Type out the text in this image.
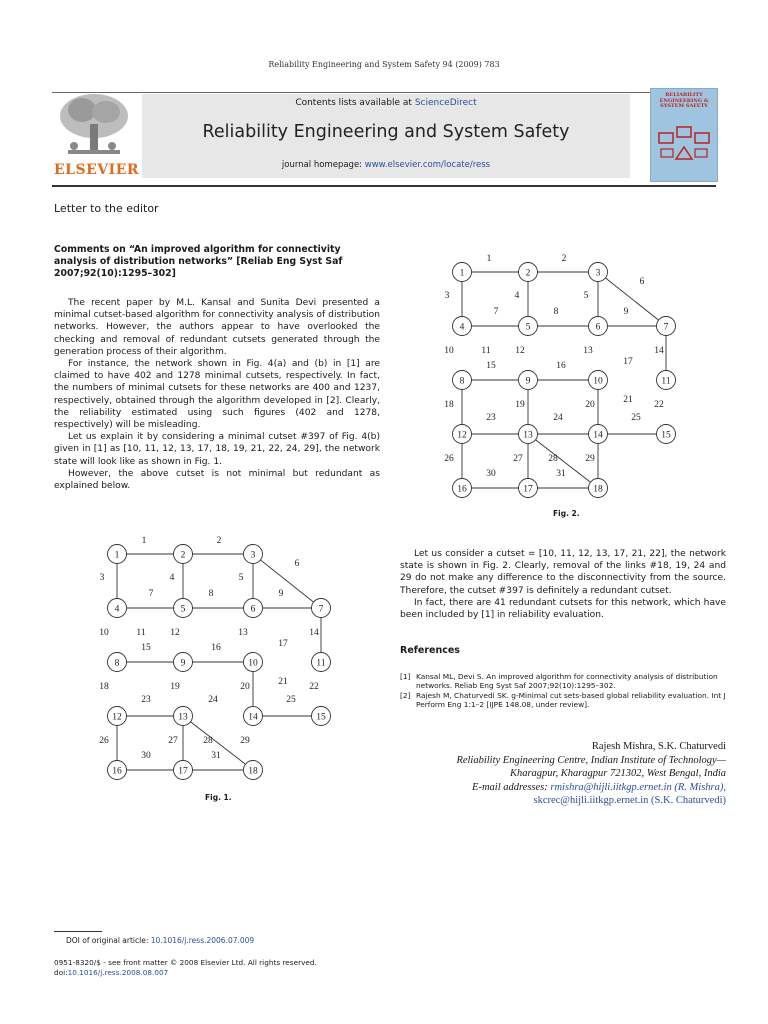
Reliability Engineering and System Safety 94 (2009) 783
ELSEVIER
Contents lists available at ScienceDirect
Reliability Engineering and System Safety
journal homepage: www.elsevier.com/locate/ress
RELIABILITY ENGINEERING & SYSTEM SAFETY
Letter to the editor
Comments on “An improved algorithm for connectivity analysis of distribution networks” [Reliab Eng Syst Saf 2007;92(10):1295–302]

The recent paper by M.L. Kansal and Sunita Devi presented a minimal cutset-based algorithm for connectivity analysis of distribution networks. However, the authors appear to have overlooked the checking and removal of redundant cutsets generated through the generation process of their algorithm.

For instance, the network shown in Fig. 4(a) and (b) in [1] are claimed to have 402 and 1278 minimal cutsets, respectively. In fact, the numbers of minimal cutsets for these networks are 400 and 1237, respectively, obtained through the algorithm developed in [2]. Clearly, the reliability estimated using such figures (402 and 1278, respectively) will be misleading.

Let us explain it by considering a minimal cutset #397 of Fig. 4(b) given in [1] as [10, 11, 12, 13, 17, 18, 19, 21, 22, 24, 29], the network state will look like as shown in Fig. 1.

However, the above cutset is not minimal but redundant as explained below.

1	2
3	4	5
6
7	8	9
10	11	12	13	14
15	16	17
18	19	20	21 22
23	24	25
26	27	28	29
30	31
1	2	3
4	5	6	7
8	9	10	11
12	13	14	15
16	17	18
Fig. 1.
1	2
3	4	5
6
7	8	9
10	11	12	13	14
15	16	17
18	19	20	21 22
23	24	25
26	27	28	29
30	31
1	2	3
4	5	6	7
8	9	10	11
12	13	14	15
16	17	18
Fig. 2.

Let us consider a cutset = [10, 11, 12, 13, 17, 21, 22], the network state is shown in Fig. 2. Clearly, removal of the links #18, 19, 24 and 29 do not make any difference to the disconnectivity from the source. Therefore, the cutset #397 is definitely a redundant cutset.

In fact, there are 41 redundant cutsets for this network, which have been included by [1] in reliability evaluation.

References
[1] Kansal ML, Devi S. An improved algorithm for connectivity analysis of distribution networks. Reliab Eng Syst Saf 2007;92(10):1295–302.
[2] Rajesh M, Chaturvedi SK. g-Minimal cut sets-based global reliability evaluation. Int J Perform Eng 1:1–2 [IJPE 148.08, under review].
Rajesh Mishra, S.K. Chaturvedi
Reliability Engineering Centre, Indian Institute of Technology—
Kharagpur, Kharagpur 721302, West Bengal, India
E-mail addresses: rmishra@hijli.iitkgp.ernet.in (R. Mishra),
skcrec@hijli.iitkgp.ernet.in (S.K. Chaturvedi)
DOI of original article: 10.1016/j.ress.2006.07.009
0951-8320/$ - see front matter © 2008 Elsevier Ltd. All rights reserved.
doi:10.1016/j.ress.2008.08.007
